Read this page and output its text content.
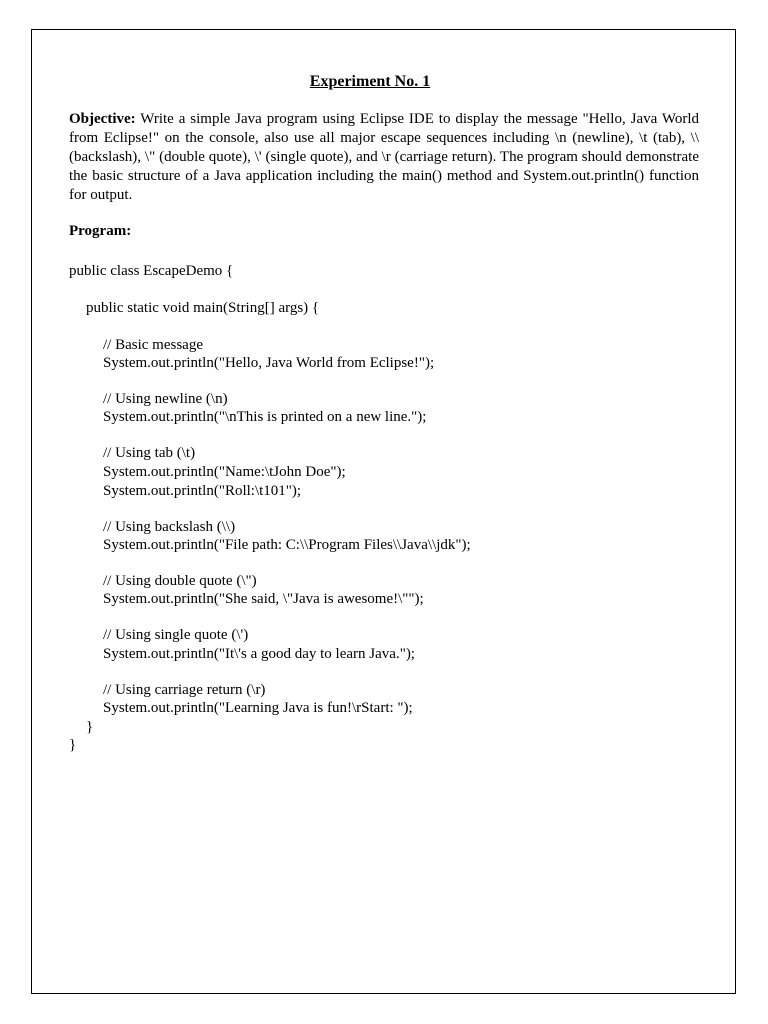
Experiment No. 1

Objective: Write a simple Java program using Eclipse IDE to display the message "Hello, Java World from Eclipse!" on the console, also use all major escape sequences including \n (newline), \t (tab), \\ (backslash), \" (double quote), \' (single quote), and \r (carriage return). The program should demonstrate the basic structure of a Java application including the main() method and System.out.println() function for output.

Program:
public class EscapeDemo {
public static void main(String[] args) {
// Basic message
System.out.println("Hello, Java World from Eclipse!");
// Using newline (\n)
System.out.println("\nThis is printed on a new line.");
// Using tab (\t)
System.out.println("Name:\tJohn Doe");
System.out.println("Roll:\t101");
// Using backslash (\\)
System.out.println("File path: C:\\Program Files\\Java\\jdk");
// Using double quote (\")
System.out.println("She said, \"Java is awesome!\"");
// Using single quote (\')
System.out.println("It\'s a good day to learn Java.");
// Using carriage return (\r)
System.out.println("Learning Java is fun!\rStart: ");
}
}
